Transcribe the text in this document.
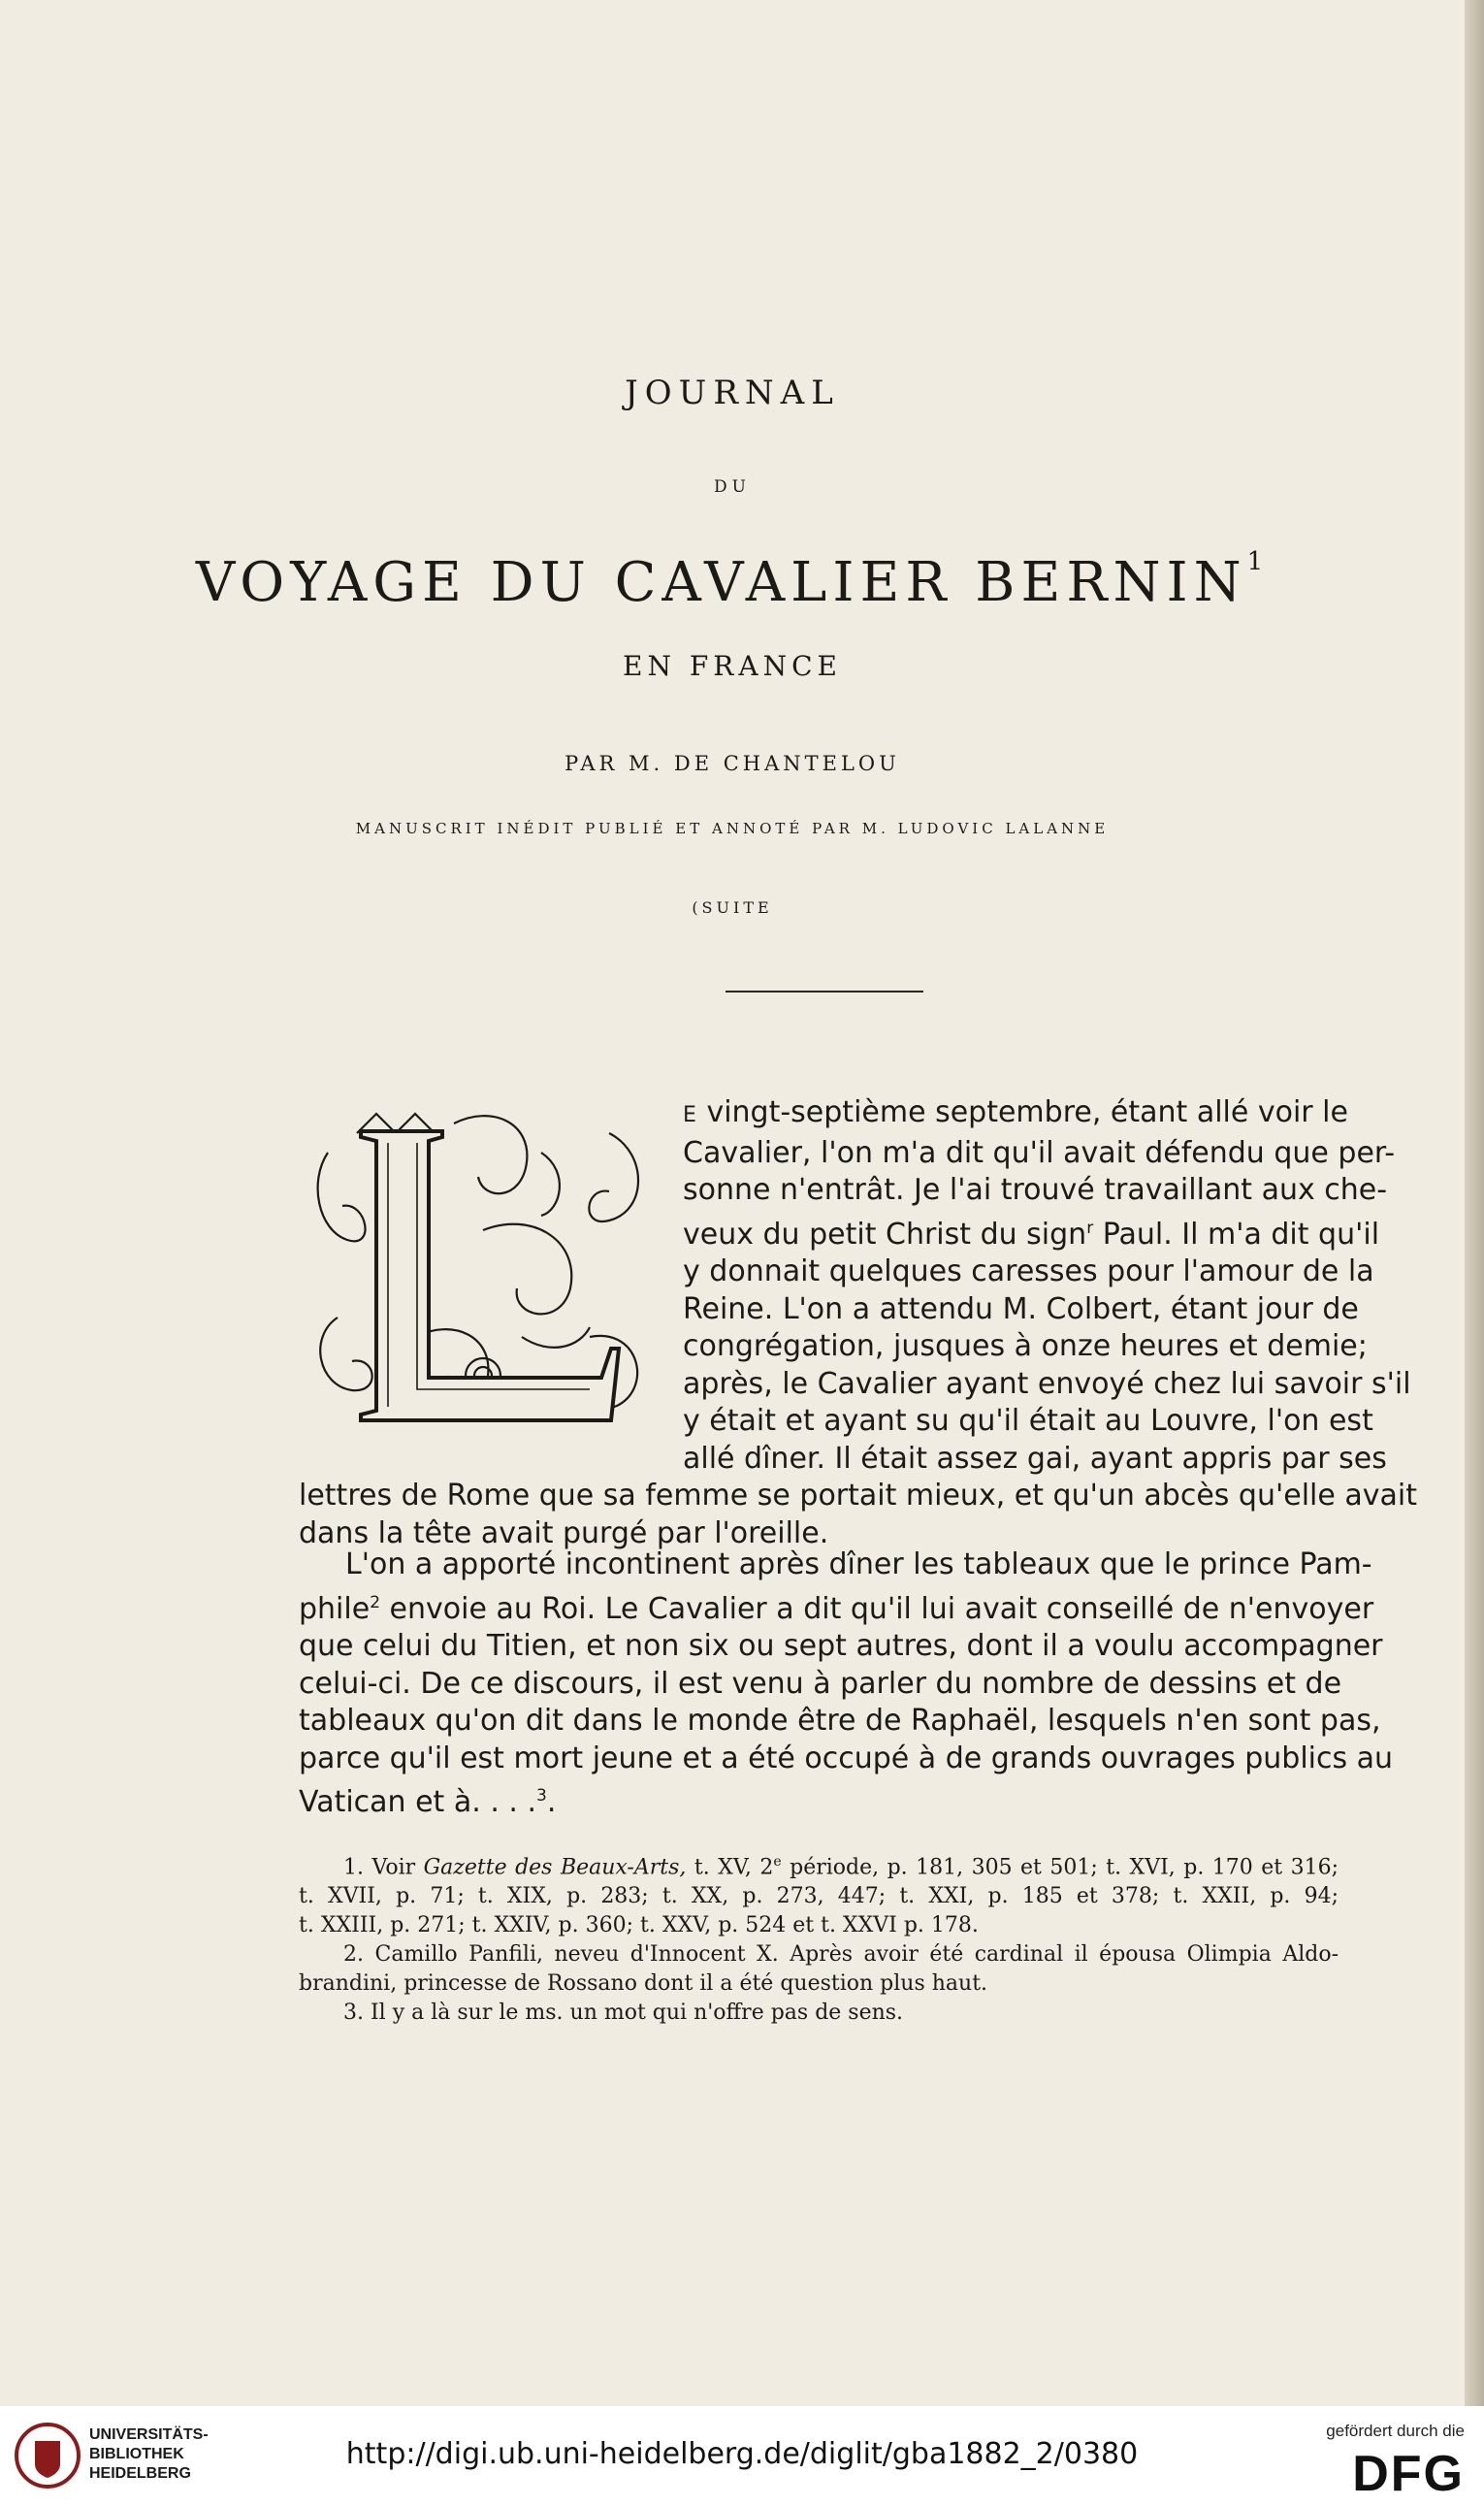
JOURNAL
DU
VOYAGE DU CAVALIER BERNIN$^1$
EN FRANCE
PAR M. DE CHANTELOU
MANUSCRIT INÉDIT PUBLIÉ ET ANNOTÉ PAR M. LUDOVIC LALANNE
(SUITE
L
E vingt-septième septembre, étant allé voir le
Cavalier, l'on m'a dit qu'il avait défendu que per-
sonne n'entrât. Je l'ai trouvé travaillant aux che-
veux du petit Christ du sign$^r$ Paul. Il m'a dit qu'il
y donnait quelques caresses pour l'amour de la
Reine. L'on a attendu M. Colbert, étant jour de
congrégation, jusques à onze heures et demie;
après, le Cavalier ayant envoyé chez lui savoir s'il
y était et ayant su qu'il était au Louvre, l'on est
allé dîner. Il était assez gai, ayant appris par ses
lettres de Rome que sa femme se portait mieux, et qu'un abcès qu'elle avait
dans la tête avait purgé par l'oreille.
L'on a apporté incontinent après dîner les tableaux que le prince Pam-
phile$^2$ envoie au Roi. Le Cavalier a dit qu'il lui avait conseillé de n'envoyer
que celui du Titien, et non six ou sept autres, dont il a voulu accompagner
celui-ci. De ce discours, il est venu à parler du nombre de dessins et de
tableaux qu'on dit dans le monde être de Raphaël, lesquels n'en sont pas,
parce qu'il est mort jeune et a été occupé à de grands ouvrages publics au
Vatican et à. . . .$^3$.
1. Voir Gazette des Beaux-Arts, t. XV, 2e période, p. 181, 305 et 501; t. XVI, p. 170 et 316;
t. XVII, p. 71; t. XIX, p. 283; t. XX, p. 273, 447; t. XXI, p. 185 et 378; t. XXII, p. 94;
t. XXIII, p. 271; t. XXIV, p. 360; t. XXV, p. 524 et t. XXVI p. 178.
2. Camillo Panfili, neveu d'Innocent X. Après avoir été cardinal il épousa Olimpia Aldo-
brandini, princesse de Rossano dont il a été question plus haut.
3. Il y a là sur le ms. un mot qui n'offre pas de sens.
UNIVERSITÄTS-
BIBLIOTHEK
HEIDELBERG
http://digi.ub.uni-heidelberg.de/diglit/gba1882_2/0380
gefördert durch die
DFG
